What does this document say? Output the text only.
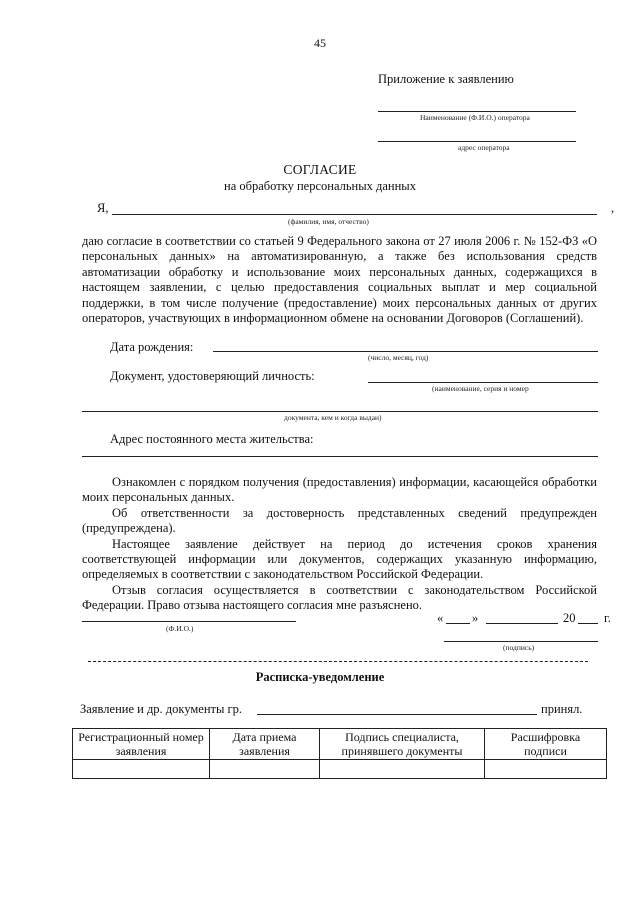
45
Приложение к заявлению
Наименование (Ф.И.О.) оператора
адрес оператора
СОГЛАСИЕ
на обработку персональных данных
Я,	,
(фамилия, имя, отчество)
даю согласие в соответствии со статьей 9 Федерального закона от 27 июля 2006 г. № 152-ФЗ «О персональных данных» на автоматизированную, а также без использования средств автоматизации обработку и использование моих персональных данных, содержащихся в настоящем заявлении, с целью предоставления социальных выплат и мер социальной поддержки, в том числе получение (предоставление) моих персональных данных от других операторов, участвующих в информационном обмене на основании Договоров (Соглашений).
Дата рождения:
(число, месяц, год)
Документ, удостоверяющий личность:
(наименование, серия и номер
документа, кем и когда выдан)
Адрес постоянного места жительства:

Ознакомлен с порядком получения (предоставления) информации, касающейся обработки моих персональных данных.

Об ответственности за достоверность представленных сведений предупрежден (предупреждена).

Настоящее заявление действует на период до истечения сроков хранения соответствующей информации или документов, содержащих указанную информацию, определяемых в соответствии с законодательством Российской Федерации.

Отзыв согласия осуществляется в соответствии с законодательством Российской Федерации. Право отзыва настоящего согласия мне разъяснено.

(Ф.И.О.)
« »	20 г.
(подпись)
Расписка-уведомление
Заявление и др. документы гр.	принял.
Регистрационный номер заявления	Дата приема заявления	Подпись специалиста, принявшего документы	Расшифровка подписи
